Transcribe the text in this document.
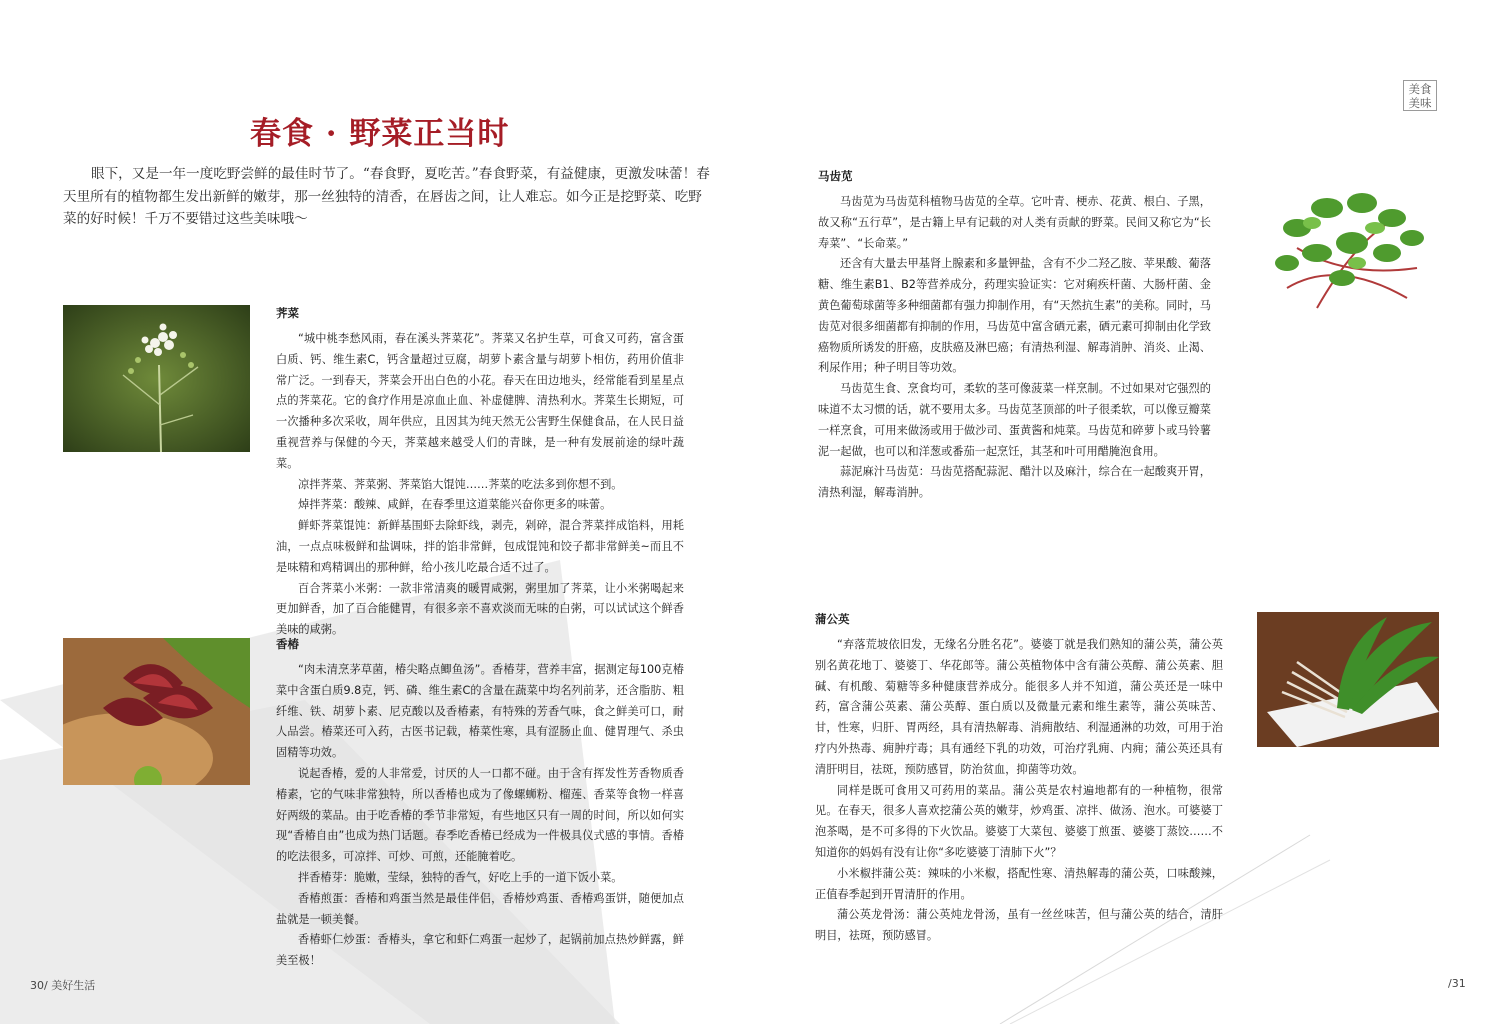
春食 · 野菜正当时
眼下，又是一年一度吃野尝鲜的最佳时节了。“春食野，夏吃苦。”春食野菜，有益健康，更激发味蕾！春天里所有的植物都生发出新鲜的嫩芽，那一丝独特的清香，在唇齿之间，让人难忘。如今正是挖野菜、吃野菜的好时候！千万不要错过这些美味哦～
美食
美味
荠菜

“城中桃李愁风雨，春在溪头荠菜花”。荠菜又名护生草，可食又可药，富含蛋白质、钙、维生素C，钙含量超过豆腐，胡萝卜素含量与胡萝卜相仿，药用价值非常广泛。一到春天，荠菜会开出白色的小花。春天在田边地头，经常能看到星星点点的荠菜花。它的食疗作用是凉血止血、补虚健脾、清热利水。荠菜生长期短，可一次播种多次采收，周年供应，且因其为纯天然无公害野生保健食品，在人民日益重视营养与保健的今天，荠菜越来越受人们的青睐，是一种有发展前途的绿叶蔬菜。

凉拌荠菜、荠菜粥、荠菜馅大馄饨……荠菜的吃法多到你想不到。

焯拌荠菜：酸辣、咸鲜，在春季里这道菜能兴奋你更多的味蕾。

鲜虾荠菜馄饨：新鲜基围虾去除虾线，剥壳，剁碎，混合荠菜拌成馅料，用耗油，一点点味极鲜和盐调味，拌的馅非常鲜，包成馄饨和饺子都非常鲜美~而且不是味精和鸡精调出的那种鲜，给小孩儿吃最合适不过了。

百合荠菜小米粥：一款非常清爽的暖胃咸粥，粥里加了荠菜，让小米粥喝起来更加鲜香，加了百合能健胃，有很多亲不喜欢淡而无味的白粥，可以试试这个鲜香美味的咸粥。

香椿

“肉未清烹茅草菌，椿尖略点鲫鱼汤”。香椿芽，营养丰富，据测定每100克椿菜中含蛋白质9.8克，钙、磷、维生素C的含量在蔬菜中均名列前茅，还含脂肪、粗纤维、铁、胡萝卜素、尼克酸以及香椿素，有特殊的芳香气味，食之鲜美可口，耐人品尝。椿菜还可入药，古医书记载，椿菜性寒，具有涩肠止血、健胃理气、杀虫固精等功效。

说起香椿，爱的人非常爱，讨厌的人一口都不碰。由于含有挥发性芳香物质香椿素，它的气味非常独特，所以香椿也成为了像螺蛳粉、榴莲、香菜等食物一样喜好两级的菜品。由于吃香椿的季节非常短，有些地区只有一周的时间，所以如何实现“香椿自由”也成为热门话题。春季吃香椿已经成为一件极具仪式感的事情。香椿的吃法很多，可凉拌、可炒、可煎，还能腌着吃。

拌香椿芽：脆嫩，莹绿，独特的香气，好吃上手的一道下饭小菜。

香椿煎蛋：香椿和鸡蛋当然是最佳伴侣，香椿炒鸡蛋、香椿鸡蛋饼，随便加点盐就是一顿美餐。

香椿虾仁炒蛋：香椿头，拿它和虾仁鸡蛋一起炒了，起锅前加点热炒鲜露，鲜美至极！

马齿苋

马齿苋为马齿苋科植物马齿苋的全草。它叶青、梗赤、花黄、根白、子黑，故又称“五行草”，是古籍上早有记载的对人类有贡献的野菜。民间又称它为“长寿菜”、“长命菜。”

还含有大量去甲基肾上腺素和多量钾盐，含有不少二羟乙胺、苹果酸、葡落糖、维生素B1、B2等营养成分，药理实验证实：它对痢疾杆菌、大肠杆菌、金黄色葡萄球菌等多种细菌都有强力抑制作用，有“天然抗生素”的美称。同时，马齿苋对很多细菌都有抑制的作用，马齿苋中富含硒元素，硒元素可抑制由化学致癌物质所诱发的肝癌，皮肤癌及淋巴癌；有清热利湿、解毒消肿、消炎、止渴、利尿作用；种子明目等功效。

马齿苋生食、烹食均可，柔软的茎可像菠菜一样烹制。不过如果对它强烈的味道不太习惯的话，就不要用太多。马齿苋茎顶部的叶子很柔软，可以像豆瓣菜一样烹食，可用来做汤或用于做沙司、蛋黄酱和炖菜。马齿苋和碎萝卜或马铃薯泥一起做，也可以和洋葱或番茄一起烹饪，其茎和叶可用醋腌泡食用。

蒜泥麻汁马齿苋：马齿苋搭配蒜泥、醋汁以及麻汁，综合在一起酸爽开胃，清热利湿，解毒消肿。

蒲公英

“弃落荒坡依旧发，无缘名分胜名花”。婆婆丁就是我们熟知的蒲公英，蒲公英别名黄花地丁、婆婆丁、华花郎等。蒲公英植物体中含有蒲公英醇、蒲公英素、胆碱、有机酸、菊糖等多种健康营养成分。能很多人并不知道，蒲公英还是一味中药，富含蒲公英素、蒲公英醇、蛋白质以及微量元素和维生素等，蒲公英味苦、甘，性寒，归肝、胃两经，具有清热解毒、消痈散结、利湿通淋的功效，可用于治疗内外热毒、痈肿疔毒；具有通经下乳的功效，可治疗乳痈、内痈；蒲公英还具有清肝明目，祛斑，预防感冒，防治贫血，抑菌等功效。

同样是既可食用又可药用的菜品。蒲公英是农村遍地都有的一种植物，很常见。在春天，很多人喜欢挖蒲公英的嫩芽，炒鸡蛋、凉拌、做汤、泡水。可婆婆丁泡茶喝，是不可多得的下火饮品。婆婆丁大菜包、婆婆丁煎蛋、婆婆丁蒸饺……不知道你的妈妈有没有让你“多吃婆婆丁清肺下火”？

小米椒拌蒲公英：辣味的小米椒，搭配性寒、清热解毒的蒲公英，口味酸辣，正值春季起到开胃清肝的作用。

蒲公英龙骨汤：蒲公英炖龙骨汤，虽有一丝丝味苦，但与蒲公英的结合，清肝明目，祛斑，预防感冒。

30/ 美好生活	/31
